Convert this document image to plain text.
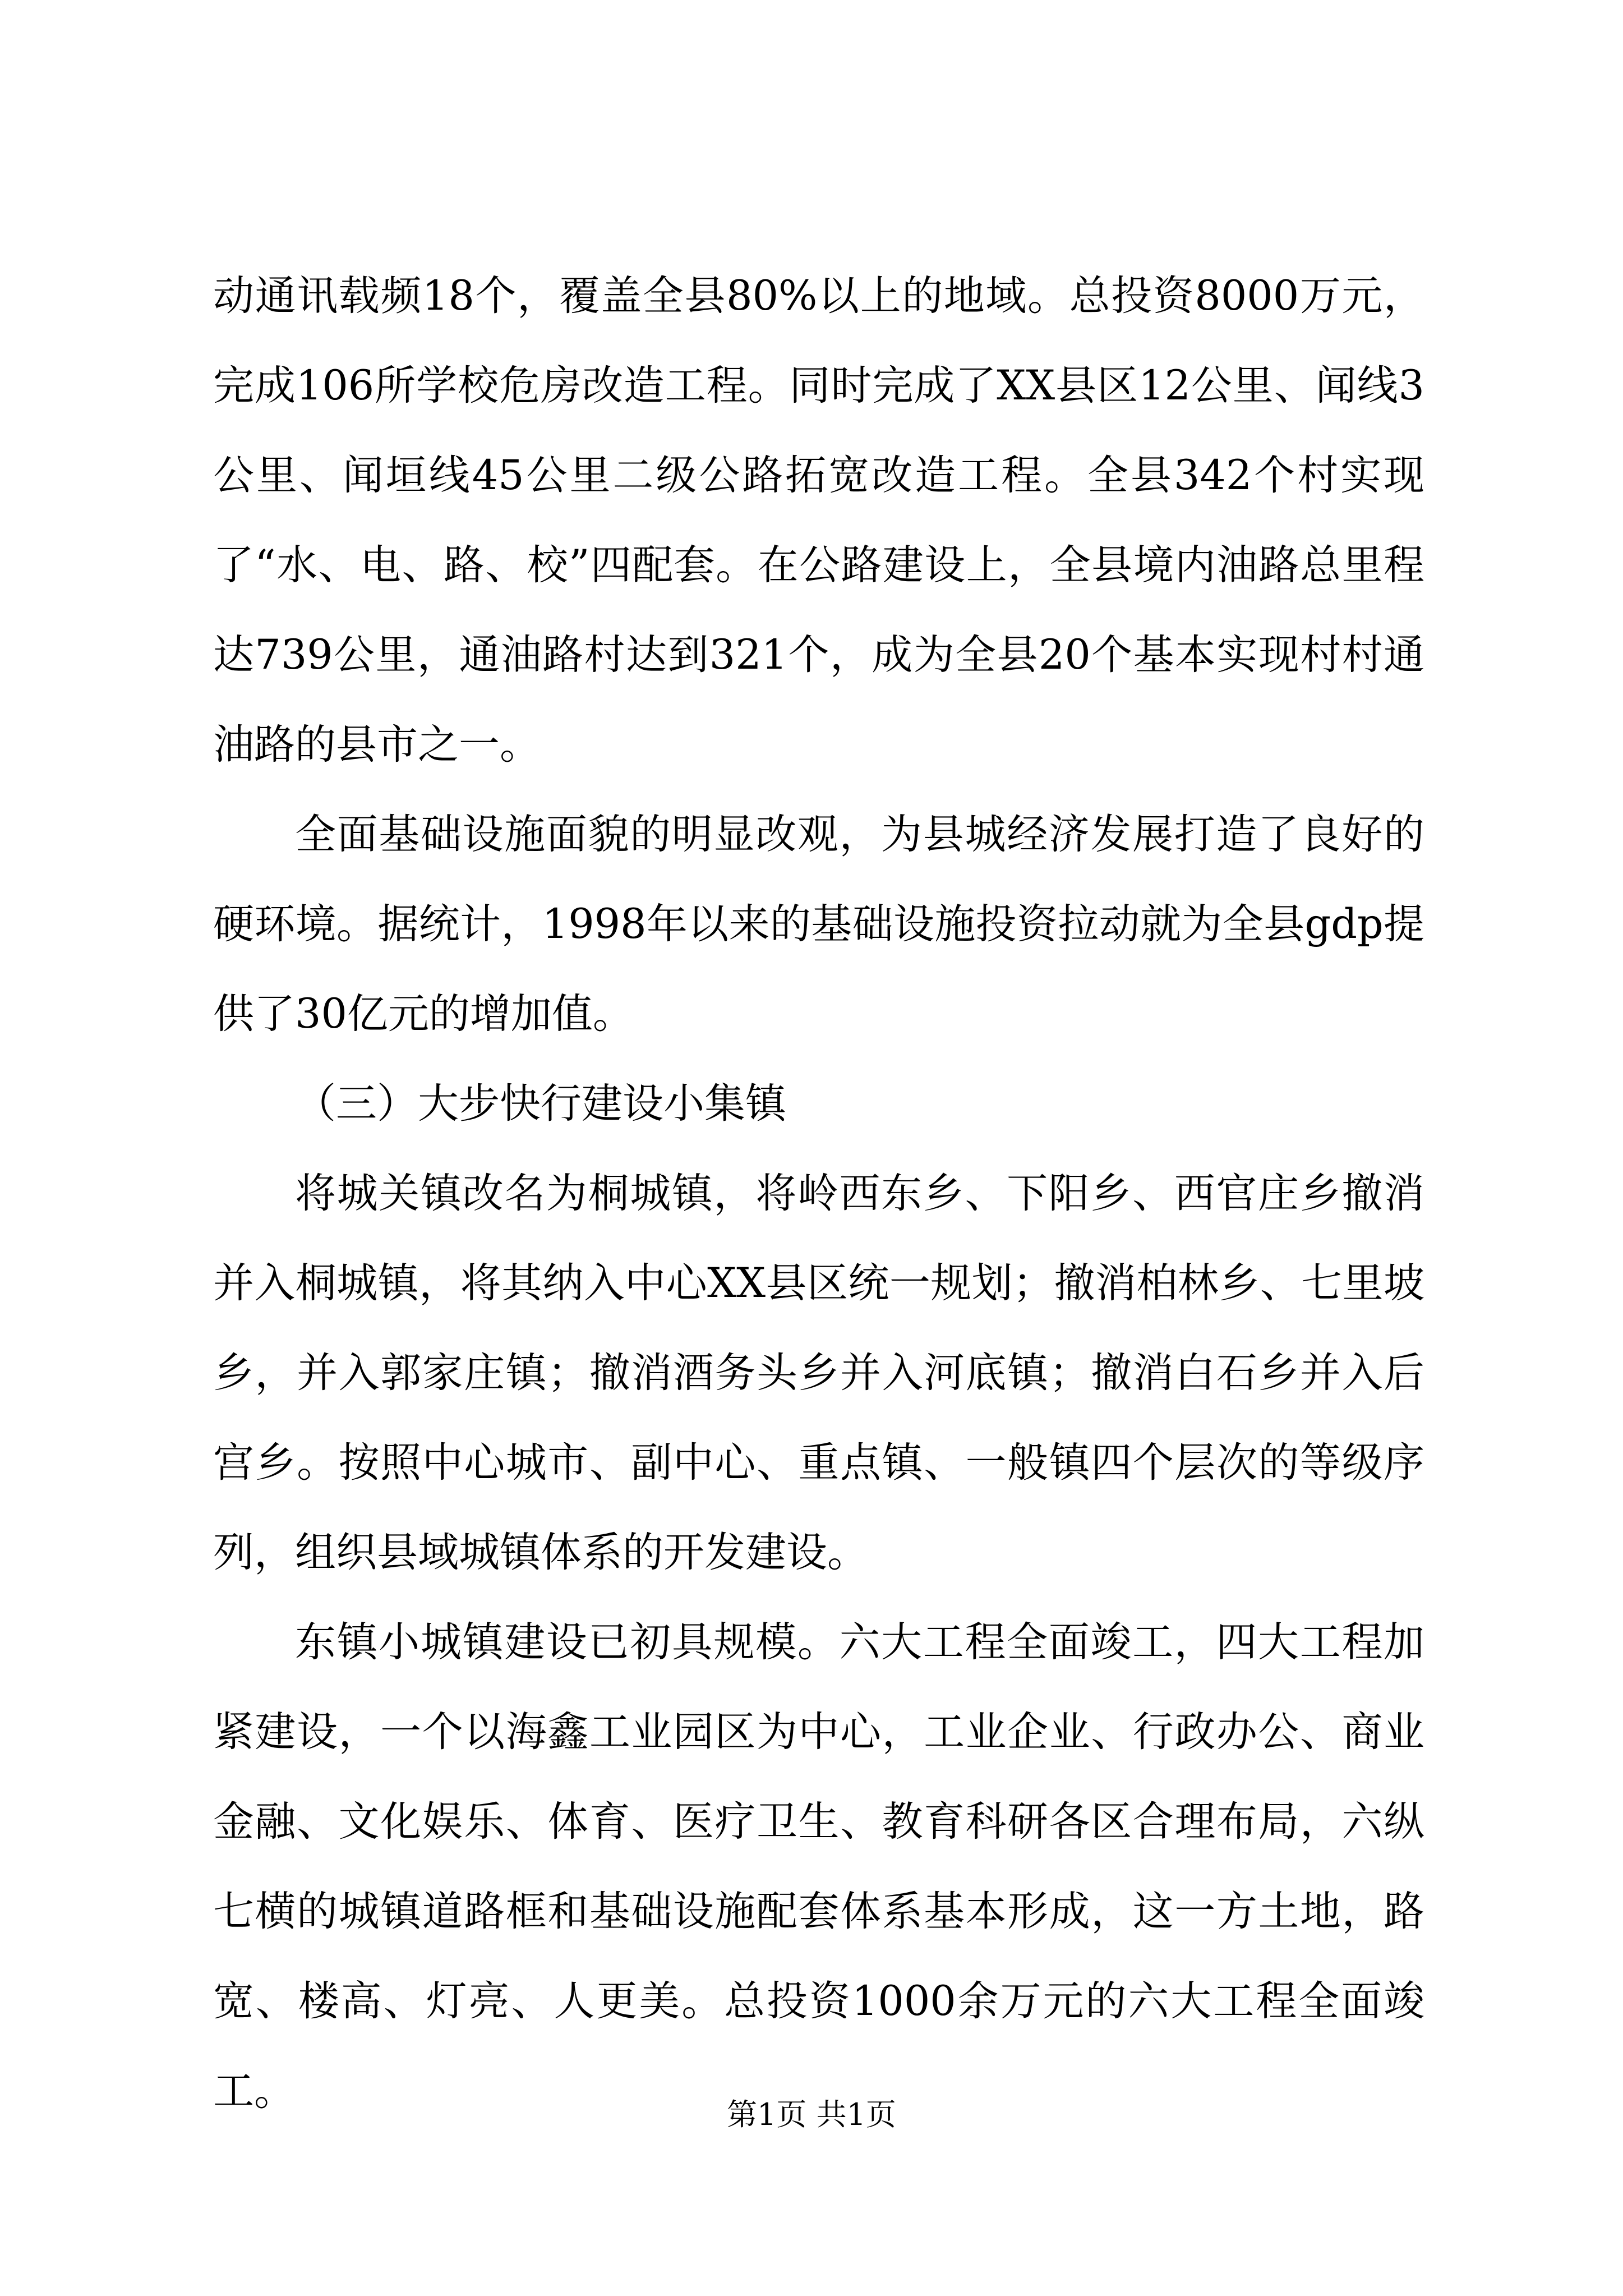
动通讯载频18个，覆盖全县80%以上的地域。总投资8000万元，完成106所学校危房改造工程。同时完成了XX县区12公里、闻线3公里、闻垣线45公里二级公路拓宽改造工程。全县342个村实现了“水、电、路、校”四配套。在公路建设上，全县境内油路总里程达739公里，通油路村达到321个，成为全县20个基本实现村村通油路的县市之一。

全面基础设施面貌的明显改观，为县城经济发展打造了良好的硬环境。据统计，1998年以来的基础设施投资拉动就为全县gdp提供了30亿元的增加值。

（三）大步快行建设小集镇

将城关镇改名为桐城镇，将岭西东乡、下阳乡、西官庄乡撤消并入桐城镇，将其纳入中心XX县区统一规划；撤消柏林乡、七里坡乡，并入郭家庄镇；撤消酒务头乡并入河底镇；撤消白石乡并入后宫乡。按照中心城市、副中心、重点镇、一般镇四个层次的等级序列，组织县域城镇体系的开发建设。

东镇小城镇建设已初具规模。六大工程全面竣工，四大工程加紧建设，一个以海鑫工业园区为中心，工业企业、行政办公、商业金融、文化娱乐、体育、医疗卫生、教育科研各区合理布局，六纵七横的城镇道路框和基础设施配套体系基本形成，这一方土地，路宽、楼高、灯亮、人更美。总投资1000余万元的六大工程全面竣工。	第1页 共1页
